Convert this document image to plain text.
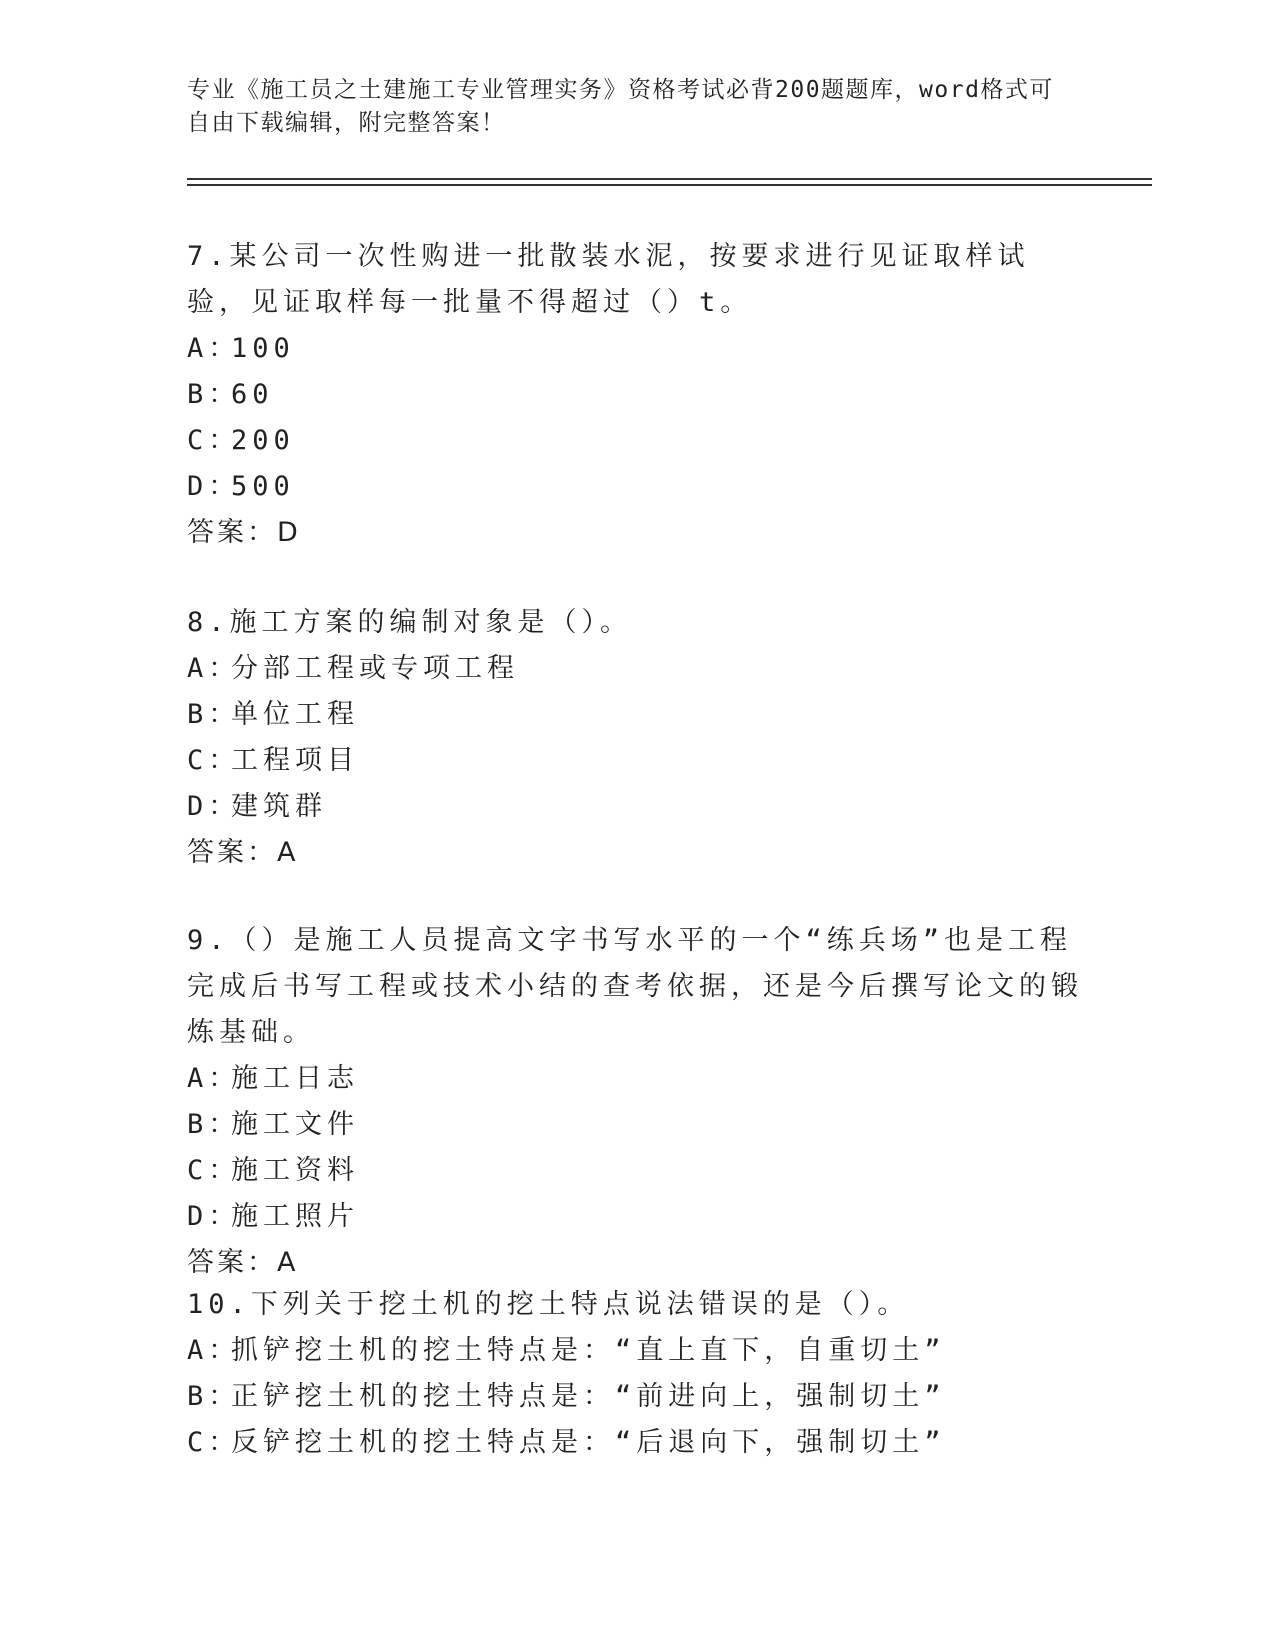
专业《施工员之土建施工专业管理实务》资格考试必背200题题库，word格式可自由下载编辑，附完整答案！

7.某公司一次性购进一批散装水泥，按要求进行见证取样试验，见证取样每一批量不得超过（）t。

A：100
B：60
C：200
D：500
答案：D

8.施工方案的编制对象是（）。

A：分部工程或专项工程
B：单位工程
C：工程项目
D：建筑群
答案：A

9.（）是施工人员提高文字书写水平的一个“练兵场”也是工程完成后书写工程或技术小结的查考依据，还是今后撰写论文的锻炼基础。

A：施工日志
B：施工文件
C：施工资料
D：施工照片
答案：A

10.下列关于挖土机的挖土特点说法错误的是（）。

A：抓铲挖土机的挖土特点是：“直上直下，自重切土”
B：正铲挖土机的挖土特点是：“前进向上，强制切土”
C：反铲挖土机的挖土特点是：“后退向下，强制切土”
